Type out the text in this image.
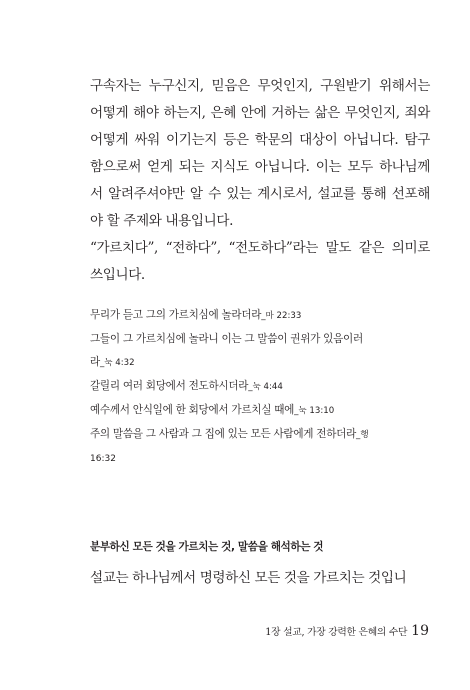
구속자는 누구신지, 믿음은 무엇인지, 구원받기 위해서는
어떻게 해야 하는지, 은혜 안에 거하는 삶은 무엇인지, 죄와
어떻게 싸워 이기는지 등은 학문의 대상이 아닙니다. 탐구
함으로써 얻게 되는 지식도 아닙니다. 이는 모두 하나님께
서 알려주셔야만 알 수 있는 계시로서, 설교를 통해 선포해
야 할 주제와 내용입니다.
“가르치다”, “전하다”, “전도하다”라는 말도 같은 의미로
쓰입니다.
무리가 듣고 그의 가르치심에 놀라더라_마 22:33
그들이 그 가르치심에 놀라니 이는 그 말씀이 권위가 있음이러
라_눅 4:32
갈릴리 여러 회당에서 전도하시더라_눅 4:44
예수께서 안식일에 한 회당에서 가르치실 때에_눅 13:10
주의 말씀을 그 사람과 그 집에 있는 모든 사람에게 전하더라_행
16:32
분부하신 모든 것을 가르치는 것, 말씀을 해석하는 것
설교는 하나님께서 명령하신 모든 것을 가르치는 것입니
1장 설교, 가장 강력한 은혜의 수단 19
